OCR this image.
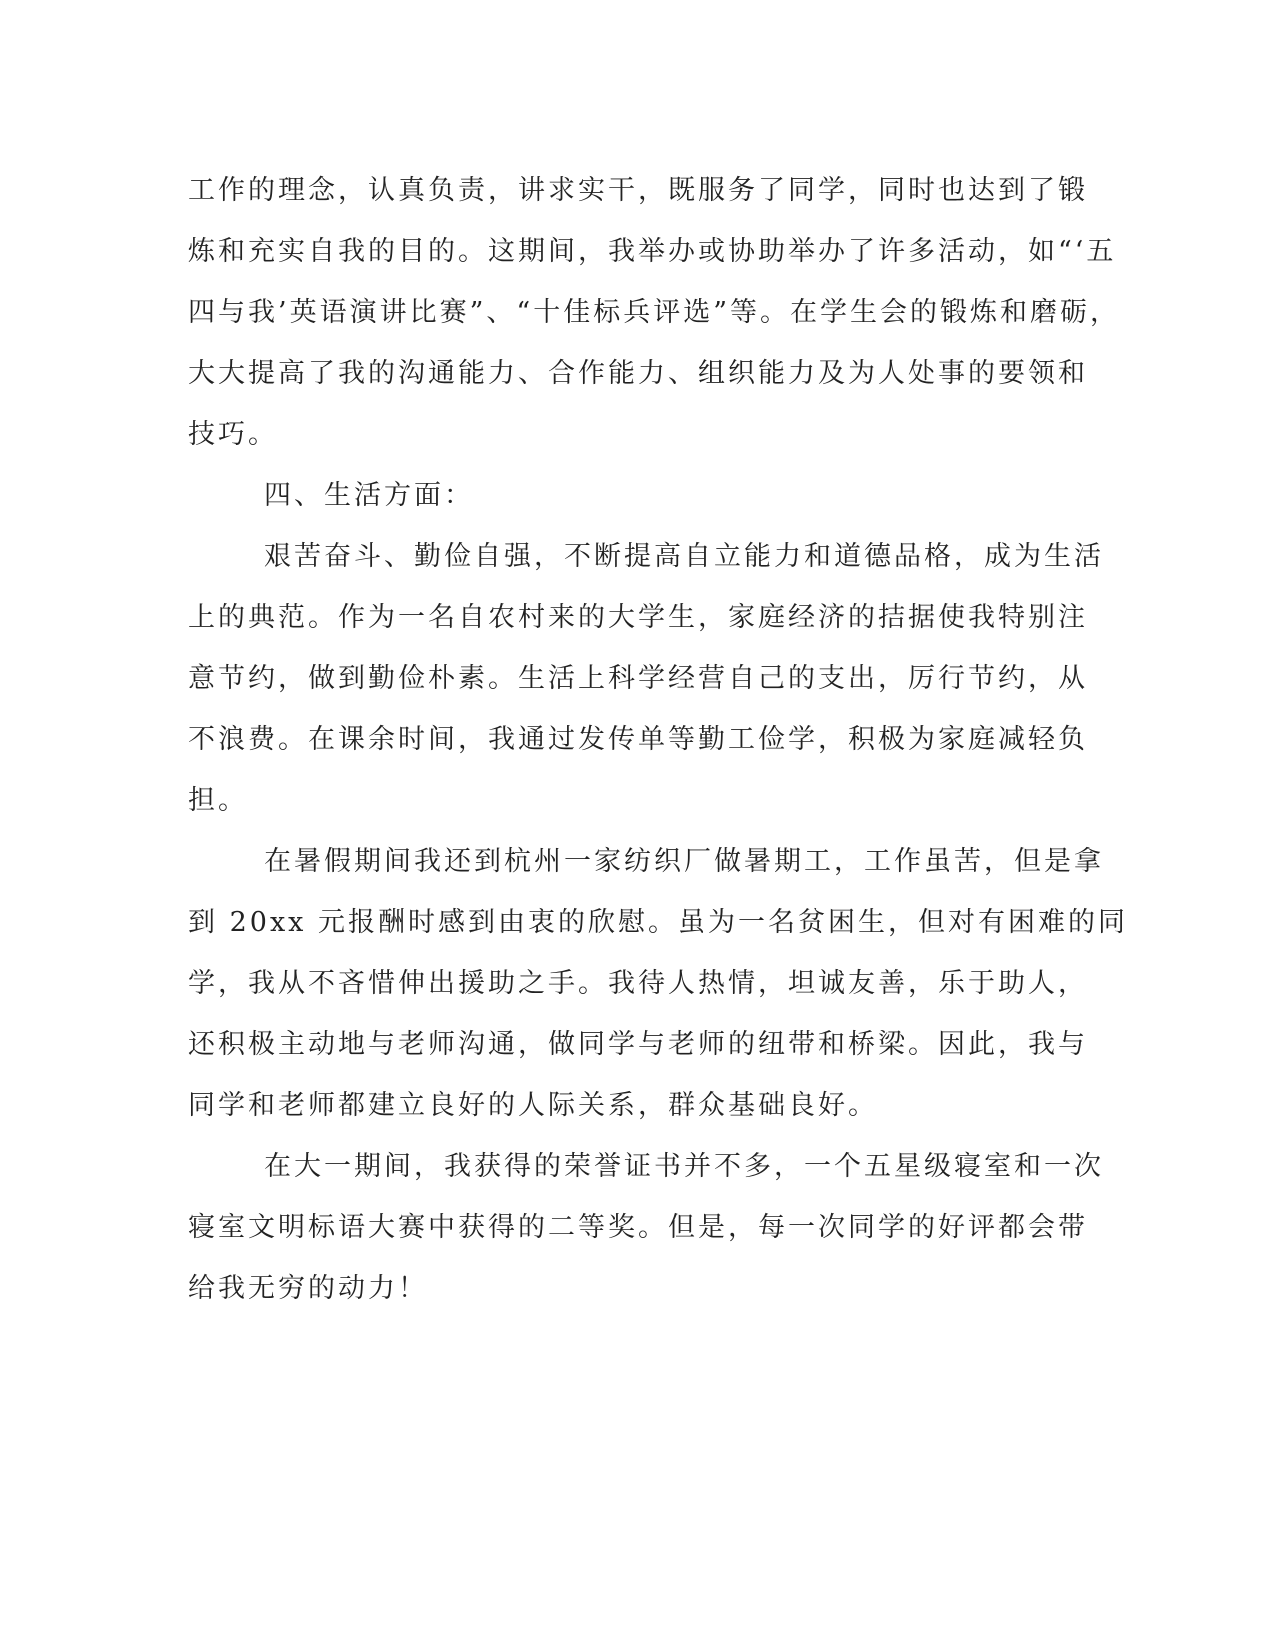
工作的理念，认真负责，讲求实干，既服务了同学，同时也达到了锻
炼和充实自我的目的。这期间，我举办或协助举办了许多活动，如“‘五
四与我’英语演讲比赛”、“十佳标兵评选”等。在学生会的锻炼和磨砺，
大大提高了我的沟通能力、合作能力、组织能力及为人处事的要领和
技巧。
四、生活方面：
艰苦奋斗、勤俭自强，不断提高自立能力和道德品格，成为生活
上的典范。作为一名自农村来的大学生，家庭经济的拮据使我特别注
意节约，做到勤俭朴素。生活上科学经营自己的支出，厉行节约，从
不浪费。在课余时间，我通过发传单等勤工俭学，积极为家庭减轻负
担。
在暑假期间我还到杭州一家纺织厂做暑期工，工作虽苦，但是拿
到 20xx 元报酬时感到由衷的欣慰。虽为一名贫困生，但对有困难的同
学，我从不吝惜伸出援助之手。我待人热情，坦诚友善，乐于助人，
还积极主动地与老师沟通，做同学与老师的纽带和桥梁。因此，我与
同学和老师都建立良好的人际关系，群众基础良好。
在大一期间，我获得的荣誉证书并不多，一个五星级寝室和一次
寝室文明标语大赛中获得的二等奖。但是，每一次同学的好评都会带
给我无穷的动力！
